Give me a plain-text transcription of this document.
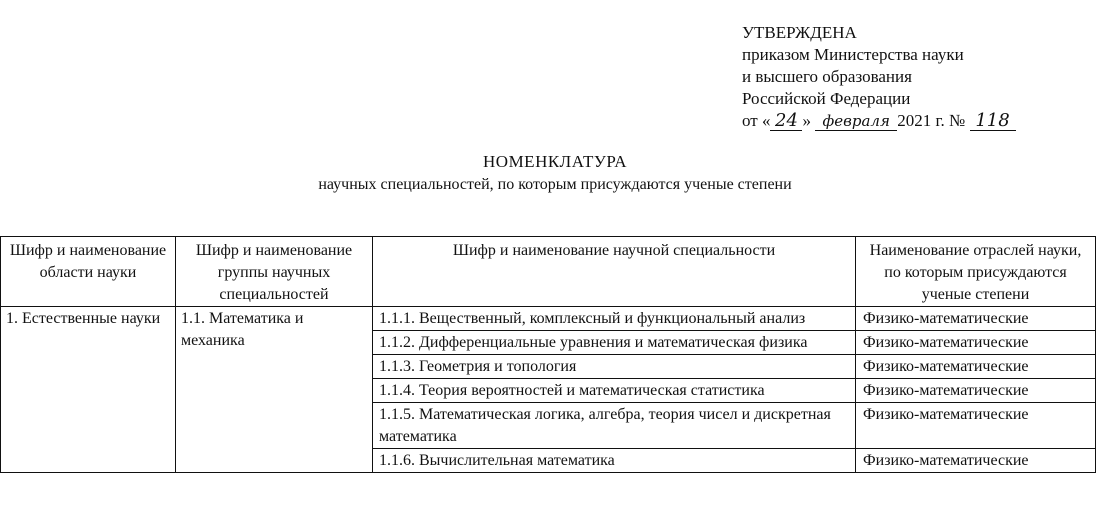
УТВЕРЖДЕНА
приказом Министерства науки
и высшего образования
Российской Федерации
от « 24 » февраля 2021 г. № 118
НОМЕНКЛАТУРА
научных специальностей, по которым присуждаются ученые степени
Шифр и наименование области науки	Шифр и наименование группы научных специальностей	Шифр и наименование научной специальности	Наименование отраслей науки, по которым присуждаются ученые степени
1. Естественные науки	1.1. Математика и механика	1.1.1. Вещественный, комплексный и функциональный анализ	Физико-математические
		1.1.2. Дифференциальные уравнения и математическая физика	Физико-математические
		1.1.3. Геометрия и топология	Физико-математические
		1.1.4. Теория вероятностей и математическая статистика	Физико-математические
		1.1.5. Математическая логика, алгебра, теория чисел и дискретная математика	Физико-математические
		1.1.6. Вычислительная математика	Физико-математические
